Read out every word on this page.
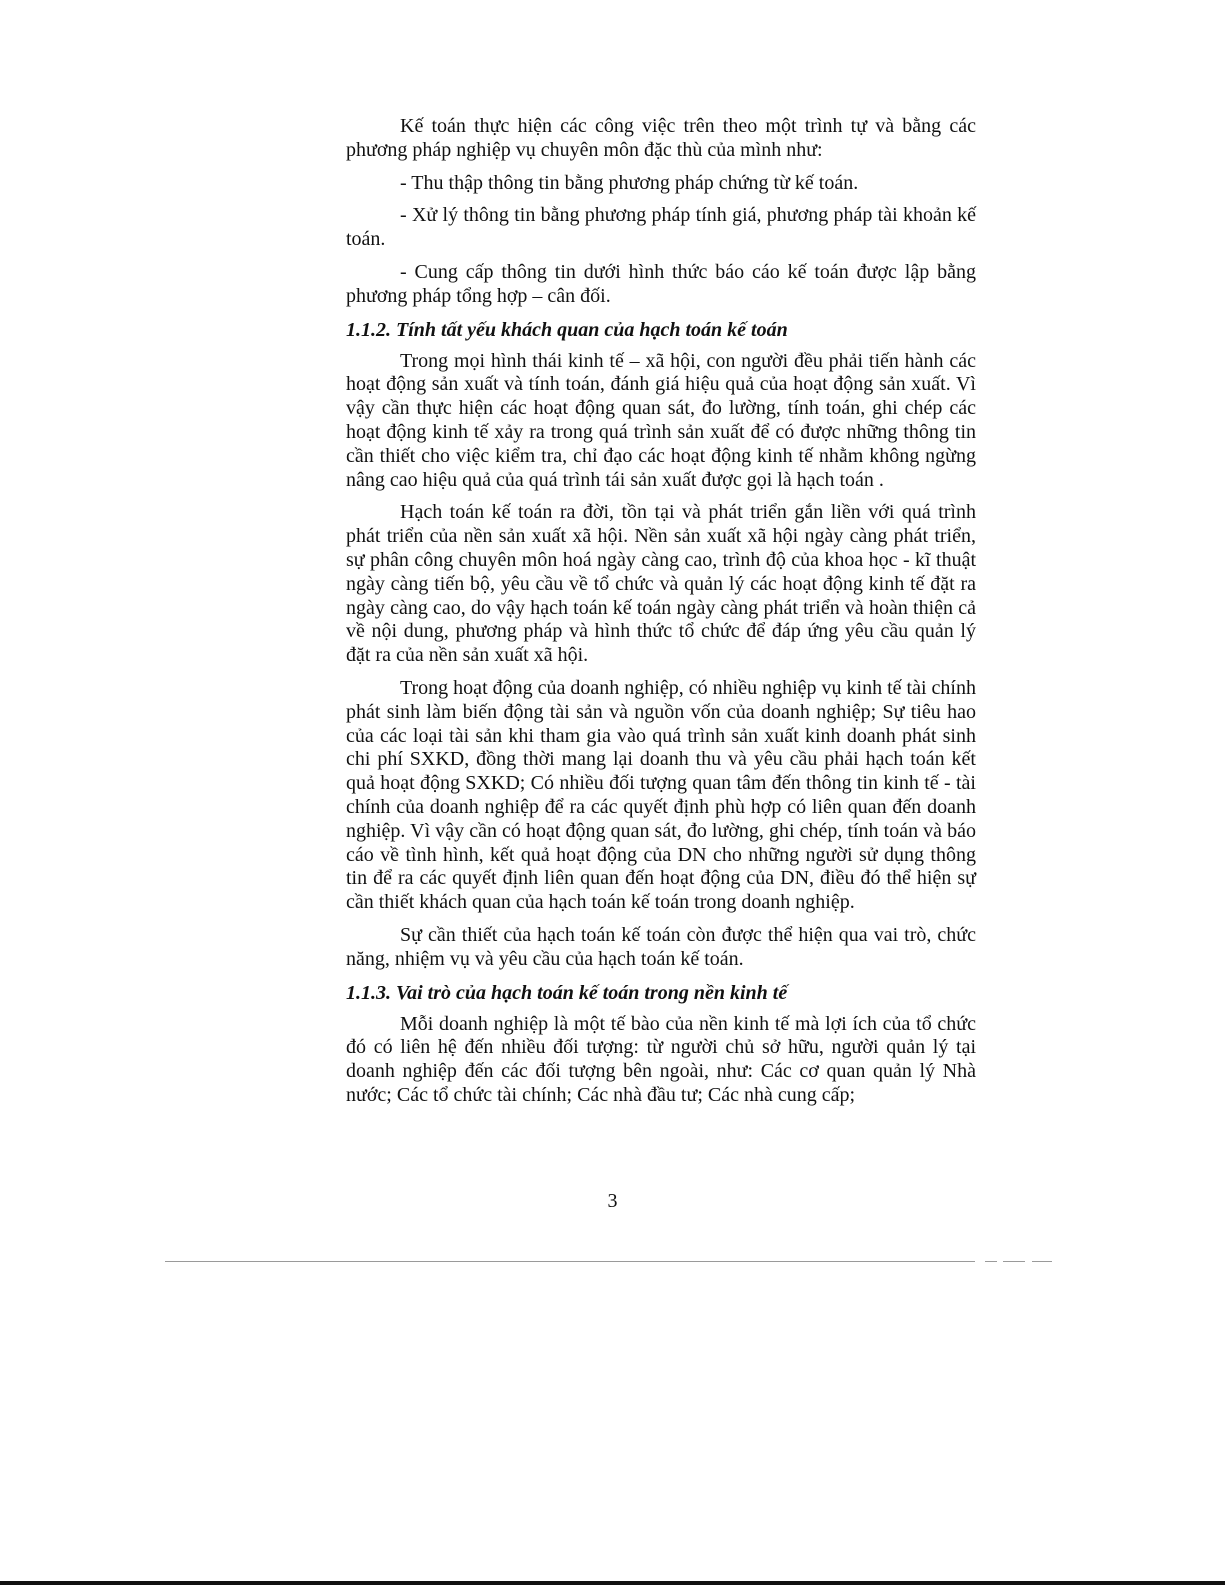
Kế toán thực hiện các công việc trên theo một trình tự và bằng các phương pháp nghiệp vụ chuyên môn đặc thù của mình như:

- Thu thập thông tin bằng phương pháp chứng từ kế toán.

- Xử lý thông tin bằng phương pháp tính giá, phương pháp tài khoản kế toán.

- Cung cấp thông tin dưới hình thức báo cáo kế toán được lập bằng phương pháp tổng hợp – cân đối.

1.1.2. Tính tất yếu khách quan của hạch toán kế toán

Trong mọi hình thái kinh tế – xã hội, con người đều phải tiến hành các hoạt động sản xuất và tính toán, đánh giá hiệu quả của hoạt động sản xuất. Vì vậy cần thực hiện các hoạt động quan sát, đo lường, tính toán, ghi chép các hoạt động kinh tế xảy ra trong quá trình sản xuất để có được những thông tin cần thiết cho việc kiểm tra, chỉ đạo các hoạt động kinh tế nhằm không ngừng nâng cao hiệu quả của quá trình tái sản xuất được gọi là hạch toán .

Hạch toán kế toán ra đời, tồn tại và phát triển gắn liền với quá trình phát triển của nền sản xuất xã hội. Nền sản xuất xã hội ngày càng phát triển, sự phân công chuyên môn hoá ngày càng cao, trình độ của khoa học - kĩ thuật ngày càng tiến bộ, yêu cầu về tổ chức và quản lý các hoạt động kinh tế đặt ra ngày càng cao, do vậy hạch toán kế toán ngày càng phát triển và hoàn thiện cả về nội dung, phương pháp và hình thức tổ chức để đáp ứng yêu cầu quản lý đặt ra của nền sản xuất xã hội.

Trong hoạt động của doanh nghiệp, có nhiều nghiệp vụ kinh tế tài chính phát sinh làm biến động tài sản và nguồn vốn của doanh nghiệp; Sự tiêu hao của các loại tài sản khi tham gia vào quá trình sản xuất kinh doanh phát sinh chi phí SXKD, đồng thời mang lại doanh thu và yêu cầu phải hạch toán kết quả hoạt động SXKD; Có nhiều đối tượng quan tâm đến thông tin kinh tế - tài chính của doanh nghiệp để ra các quyết định phù hợp có liên quan đến doanh nghiệp. Vì vậy cần có hoạt động quan sát, đo lường, ghi chép, tính toán và báo cáo về tình hình, kết quả hoạt động của DN cho những người sử dụng thông tin để ra các quyết định liên quan đến hoạt động của DN, điều đó thể hiện sự cần thiết khách quan của hạch toán kế toán trong doanh nghiệp.

Sự cần thiết của hạch toán kế toán còn được thể hiện qua vai trò, chức năng, nhiệm vụ và yêu cầu của hạch toán kế toán.

1.1.3. Vai trò của hạch toán kế toán trong nền kinh tế

Mỗi doanh nghiệp là một tế bào của nền kinh tế mà lợi ích của tổ chức đó có liên hệ đến nhiều đối tượng: từ người chủ sở hữu, người quản lý tại doanh nghiệp đến các đối tượng bên ngoài, như: Các cơ quan quản lý Nhà nước; Các tổ chức tài chính; Các nhà đầu tư; Các nhà cung cấp;

3
